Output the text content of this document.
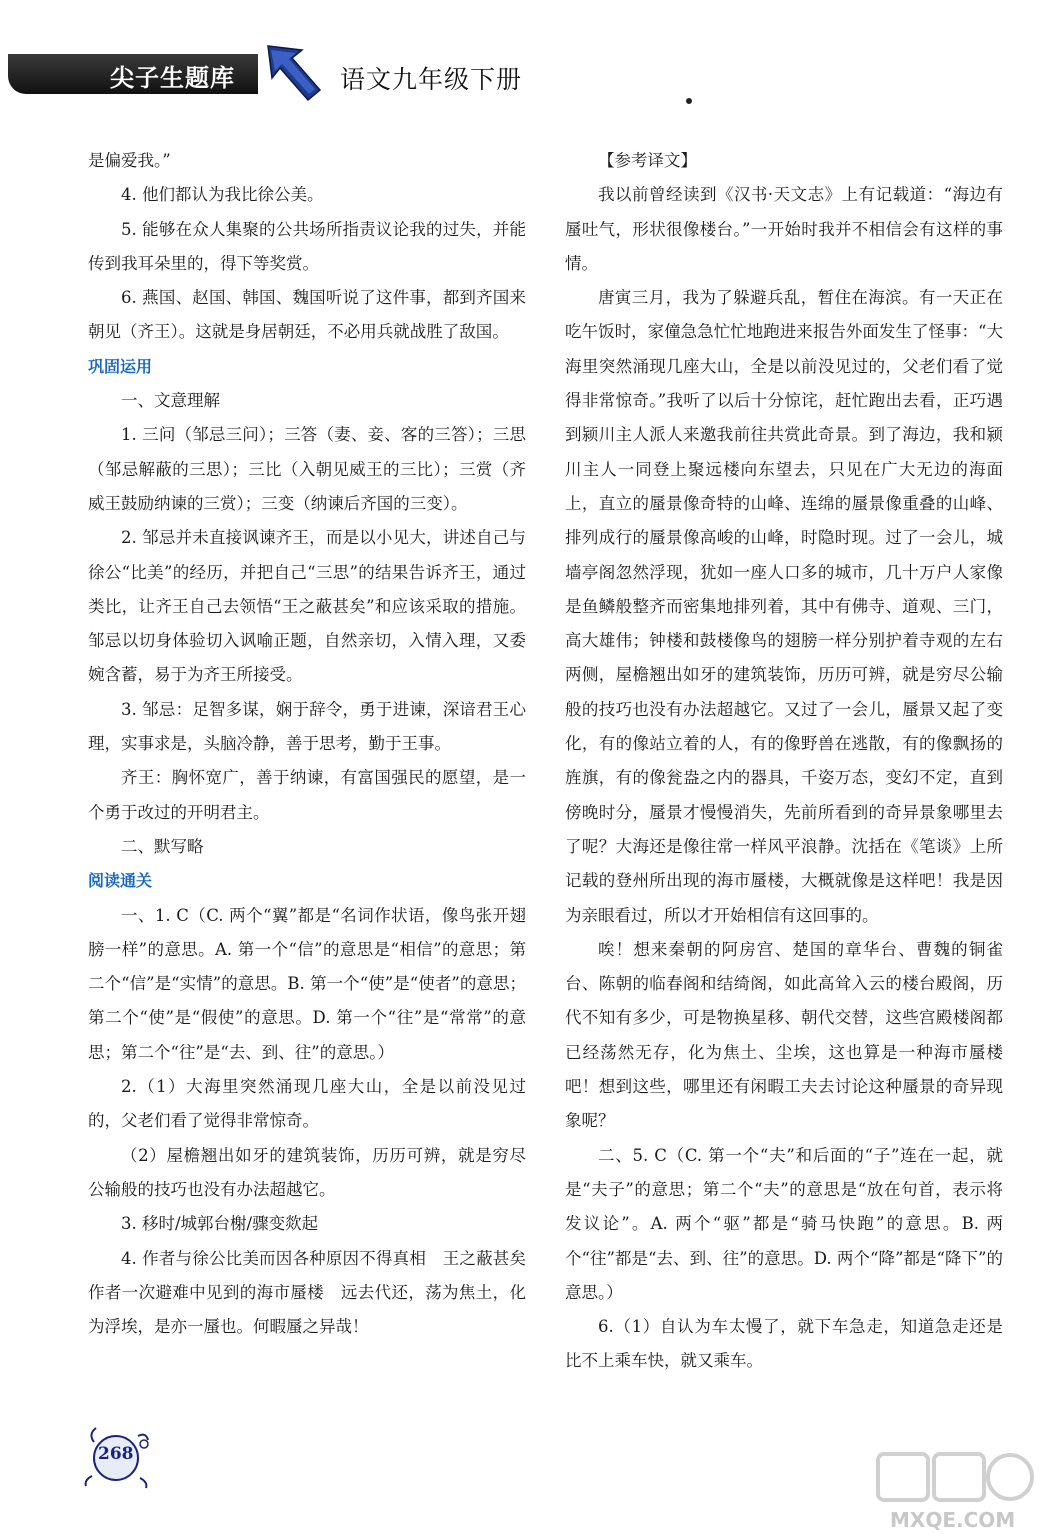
尖子生题库	语文九年级下册

是偏爱我。”

4. 他们都认为我比徐公美。

5. 能够在众人集聚的公共场所指责议论我的过失，并能传到我耳朵里的，得下等奖赏。

6. 燕国、赵国、韩国、魏国听说了这件事，都到齐国来朝见（齐王）。这就是身居朝廷，不必用兵就战胜了敌国。

巩固运用

一、文意理解

1. 三问（邹忌三问）；三答（妻、妾、客的三答）；三思（邹忌解蔽的三思）；三比（入朝见威王的三比）；三赏（齐威王鼓励纳谏的三赏）；三变（纳谏后齐国的三变）。

2. 邹忌并未直接讽谏齐王，而是以小见大，讲述自己与徐公“比美”的经历，并把自己“三思”的结果告诉齐王，通过类比，让齐王自己去领悟“王之蔽甚矣”和应该采取的措施。邹忌以切身体验切入讽喻正题，自然亲切，入情入理，又委婉含蓄，易于为齐王所接受。

3. 邹忌：足智多谋，娴于辞令，勇于进谏，深谙君王心理，实事求是，头脑冷静，善于思考，勤于王事。

齐王：胸怀宽广，善于纳谏，有富国强民的愿望，是一个勇于改过的开明君主。

二、默写略

阅读通关

一、1. C（C. 两个“翼”都是“名词作状语，像鸟张开翅膀一样”的意思。A. 第一个“信”的意思是“相信”的意思；第二个“信”是“实情”的意思。B. 第一个“使”是“使者”的意思；第二个“使”是“假使”的意思。D. 第一个“往”是“常常”的意思；第二个“往”是“去、到、往”的意思。）

2.（1）大海里突然涌现几座大山，全是以前没见过的，父老们看了觉得非常惊奇。

（2）屋檐翘出如牙的建筑装饰，历历可辨，就是穷尽公输般的技巧也没有办法超越它。

3. 移时/城郭台榭/骤变欻起

4. 作者与徐公比美而因各种原因不得真相　王之蔽甚矣　作者一次避难中见到的海市蜃楼　远去代还，荡为焦土，化为浮埃，是亦一蜃也。何暇蜃之异哉！

【参考译文】

我以前曾经读到《汉书·天文志》上有记载道：“海边有蜃吐气，形状很像楼台。”一开始时我并不相信会有这样的事情。

唐寅三月，我为了躲避兵乱，暂住在海滨。有一天正在吃午饭时，家僮急急忙忙地跑进来报告外面发生了怪事：“大海里突然涌现几座大山，全是以前没见过的，父老们看了觉得非常惊奇。”我听了以后十分惊诧，赶忙跑出去看，正巧遇到颍川主人派人来邀我前往共赏此奇景。到了海边，我和颍川主人一同登上聚远楼向东望去，只见在广大无边的海面上，直立的蜃景像奇特的山峰、连绵的蜃景像重叠的山峰、排列成行的蜃景像高峻的山峰，时隐时现。过了一会儿，城墙亭阁忽然浮现，犹如一座人口多的城市，几十万户人家像是鱼鳞般整齐而密集地排列着，其中有佛寺、道观、三门，高大雄伟；钟楼和鼓楼像鸟的翅膀一样分别护着寺观的左右两侧，屋檐翘出如牙的建筑装饰，历历可辨，就是穷尽公输般的技巧也没有办法超越它。又过了一会儿，蜃景又起了变化，有的像站立着的人，有的像野兽在逃散，有的像飘扬的旌旗，有的像瓮盎之内的器具，千姿万态，变幻不定，直到傍晚时分，蜃景才慢慢消失，先前所看到的奇异景象哪里去了呢？大海还是像往常一样风平浪静。沈括在《笔谈》上所记载的登州所出现的海市蜃楼，大概就像是这样吧！我是因为亲眼看过，所以才开始相信有这回事的。

唉！想来秦朝的阿房宫、楚国的章华台、曹魏的铜雀台、陈朝的临春阁和结绮阁，如此高耸入云的楼台殿阁，历代不知有多少，可是物换星移、朝代交替，这些宫殿楼阁都已经荡然无存，化为焦土、尘埃，这也算是一种海市蜃楼吧！想到这些，哪里还有闲暇工夫去讨论这种蜃景的奇异现象呢？

二、5. C（C. 第一个“夫”和后面的“子”连在一起，就是“夫子”的意思；第二个“夫”的意思是“放在句首，表示将发议论”。A. 两个“驱”都是“骑马快跑”的意思。B. 两个“往”都是“去、到、往”的意思。D. 两个“降”都是“降下”的意思。）

6.（1）自认为车太慢了，就下车急走，知道急走还是比不上乘车快，就又乘车。

268
MXQE.COM
